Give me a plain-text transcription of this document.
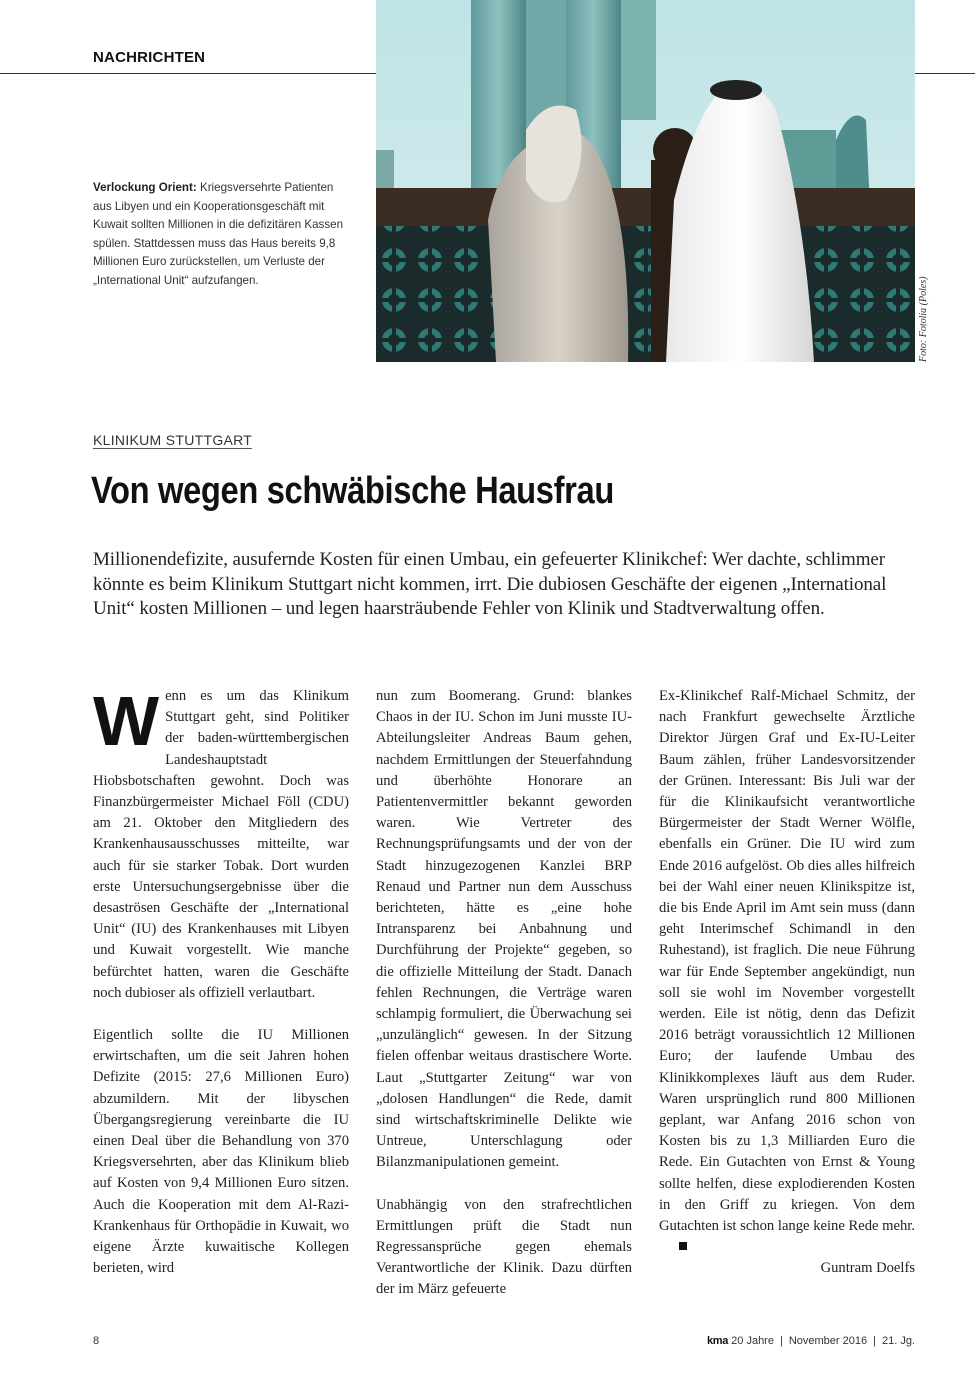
NACHRICHTEN
Verlockung Orient: Kriegsversehrte Patienten aus Libyen und ein Kooperationsgeschäft mit Kuwait sollten Millionen in die defizitären Kassen spülen. Stattdessen muss das Haus bereits 9,8 Millionen Euro zurückstellen, um Verluste der „International Unit“ aufzufangen.	Foto: Fotolia (Poles)
KLINIKUM STUTTGART
Von wegen schwäbische Hausfrau
Millionendefizite, ausufernde Kosten für einen Umbau, ein gefeuerter Klinikchef: Wer dachte, schlimmer könnte es beim Klinikum Stuttgart nicht kommen, irrt. Die dubiosen Geschäfte der eigenen „International Unit“ kosten Millionen – und legen haarsträubende Fehler von Klinik und Stadtverwaltung offen.

Wenn es um das Klinikum Stuttgart geht, sind Politiker der baden-württembergischen Landeshauptstadt Hiobsbotschaften gewohnt. Doch was Finanzbürgermeister Michael Föll (CDU) am 21. Oktober den Mitgliedern des Krankenhausausschusses mitteilte, war auch für sie starker Tobak. Dort wurden erste Untersuchungsergebnisse über die desaströsen Geschäfte der „International Unit“ (IU) des Krankenhauses mit Libyen und Kuwait vorgestellt. Wie manche befürchtet hatten, waren die Geschäfte noch dubioser als offiziell verlautbart.

Eigentlich sollte die IU Millionen erwirtschaften, um die seit Jahren hohen Defizite (2015: 27,6 Millionen Euro) abzumildern. Mit der libyschen Übergangsregierung vereinbarte die IU einen Deal über die Behandlung von 370 Kriegsversehrten, aber das Klinikum blieb auf Kosten von 9,4 Millionen Euro sitzen. Auch die Kooperation mit dem Al-Razi-Krankenhaus für Orthopädie in Kuwait, wo eigene Ärzte kuwaitische Kollegen berieten, wird

nun zum Boomerang. Grund: blankes Chaos in der IU. Schon im Juni musste IU-Abteilungsleiter Andreas Baum gehen, nachdem Ermittlungen der Steuerfahndung und überhöhte Honorare an Patientenvermittler bekannt geworden waren. Wie Vertreter des Rechnungsprüfungsamts und der von der Stadt hinzugezogenen Kanzlei BRP Renaud und Partner nun dem Ausschuss berichteten, hätte es „eine hohe Intransparenz bei Anbahnung und Durchführung der Projekte“ gegeben, so die offizielle Mitteilung der Stadt. Danach fehlen Rechnungen, die Verträge waren schlampig formuliert, die Überwachung sei „unzulänglich“ gewesen. In der Sitzung fielen offenbar weitaus drastischere Worte. Laut „Stuttgarter Zeitung“ war von „dolosen Handlungen“ die Rede, damit sind wirtschaftskriminelle Delikte wie Untreue, Unterschlagung oder Bilanzmanipulationen gemeint.

Unabhängig von den strafrechtlichen Ermittlungen prüft die Stadt nun Regressansprüche gegen ehemals Verantwortliche der Klinik. Dazu dürften der im März gefeuerte

Ex-Klinikchef Ralf-Michael Schmitz, der nach Frankfurt gewechselte Ärztliche Direktor Jürgen Graf und Ex-IU-Leiter Baum zählen, früher Landesvorsitzender der Grünen. Interessant: Bis Juli war der für die Klinikaufsicht verantwortliche Bürgermeister der Stadt Werner Wölfle, ebenfalls ein Grüner. Die IU wird zum Ende 2016 aufgelöst. Ob dies alles hilfreich bei der Wahl einer neuen Klinikspitze ist, die bis Ende April im Amt sein muss (dann geht Interimschef Schimandl in den Ruhestand), ist fraglich. Die neue Führung war für Ende September angekündigt, nun soll sie wohl im November vorgestellt werden. Eile ist nötig, denn das Defizit 2016 beträgt voraussichtlich 12 Millionen Euro; der laufende Umbau des Klinikkomplexes läuft aus dem Ruder. Waren ursprünglich rund 800 Millionen geplant, war Anfang 2016 schon von Kosten bis zu 1,3 Milliarden Euro die Rede. Ein Gutachten von Ernst & Young sollte helfen, diese explodierenden Kosten in den Griff zu kriegen. Von dem Gutachten ist schon lange keine Rede mehr.

Guntram Doelfs
8	kma 20 Jahre | November 2016 | 21. Jg.
